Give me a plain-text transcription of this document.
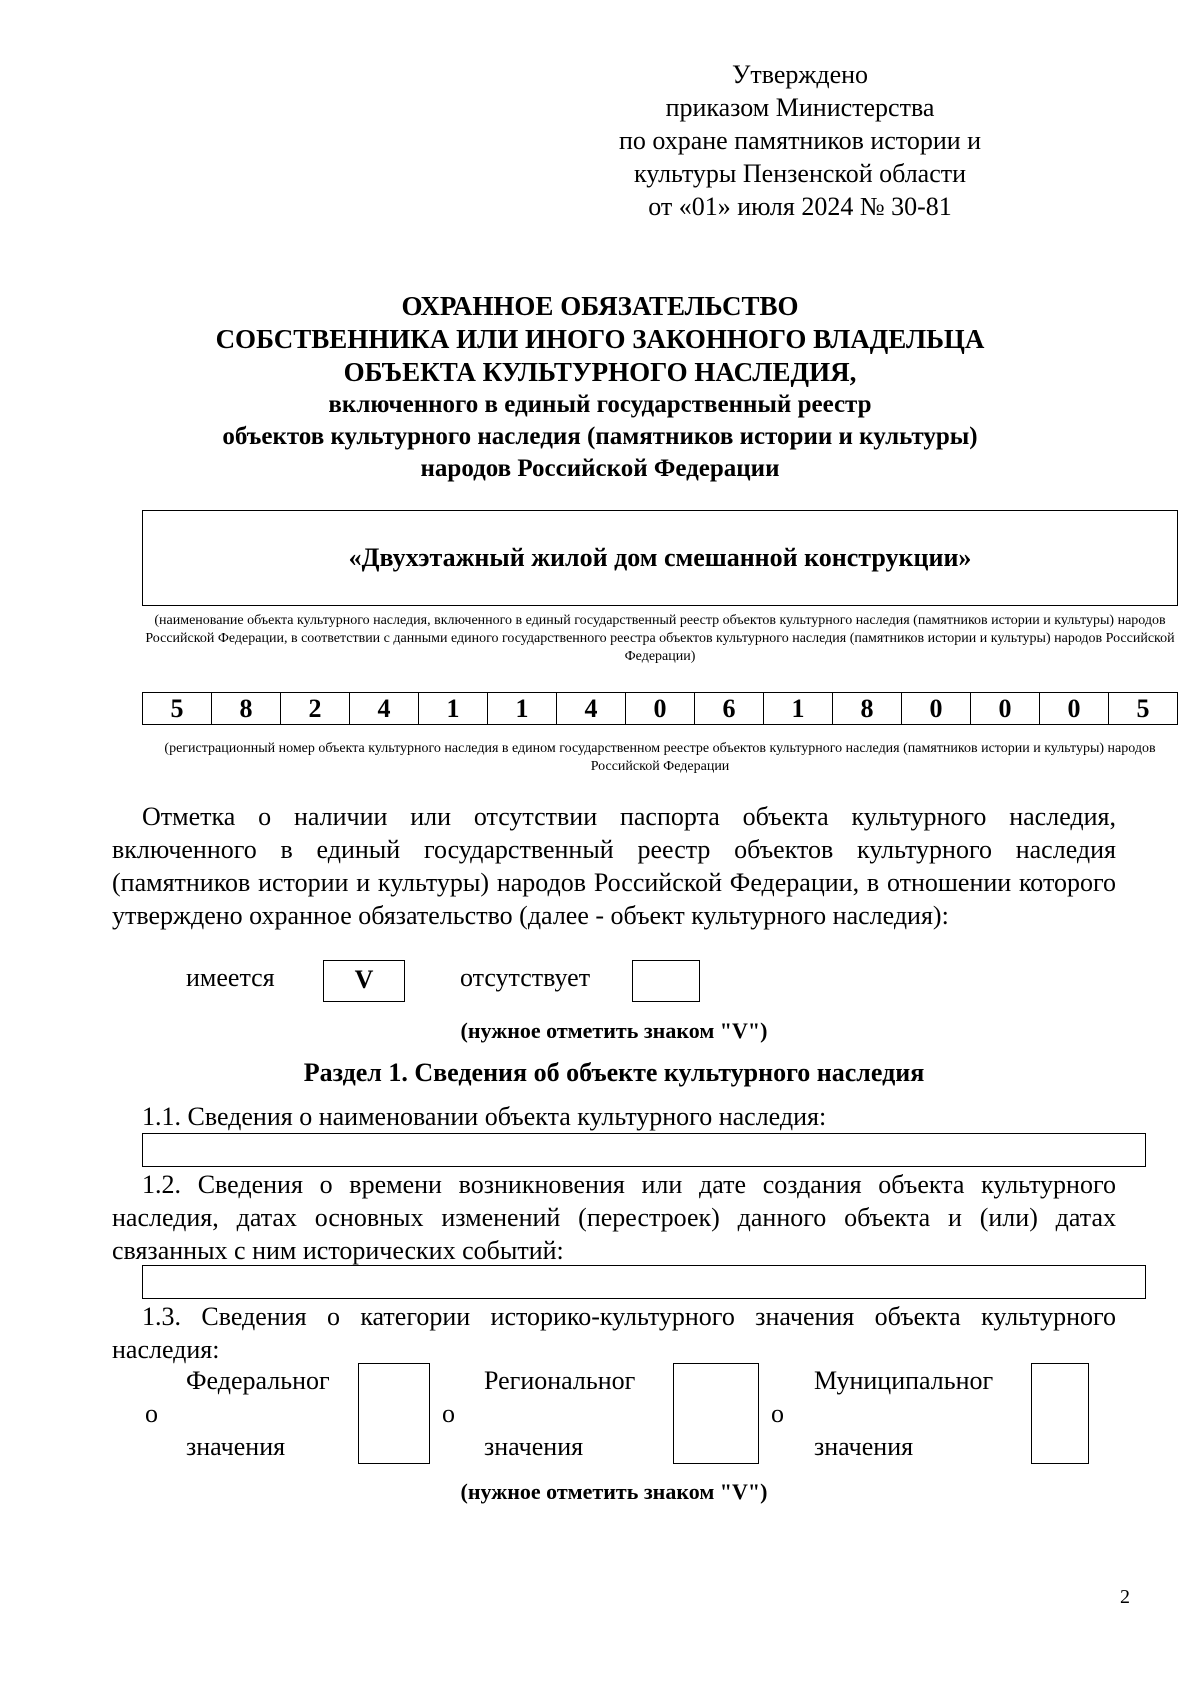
Утверждено
приказом Министерства
по охране памятников истории и
культуры Пензенской области
от «01» июля 2024 № 30-81
ОХРАННОЕ ОБЯЗАТЕЛЬСТВО
СОБСТВЕННИКА ИЛИ ИНОГО ЗАКОННОГО ВЛАДЕЛЬЦА
ОБЪЕКТА КУЛЬТУРНОГО НАСЛЕДИЯ,
включенного в единый государственный реестр
объектов культурного наследия (памятников истории и культуры)
народов Российской Федерации
«Двухэтажный жилой дом смешанной конструкции»
(наименование объекта культурного наследия, включенного в единый государственный реестр объектов культурного наследия (памятников истории и культуры) народов Российской Федерации, в соответствии с данными единого государственного реестра объектов культурного наследия (памятников истории и культуры) народов Российской Федерации)
5	8	2	4	1	1	4	0	6	1	8	0	0	0	5
(регистрационный номер объекта культурного наследия в едином государственном реестре объектов культурного наследия (памятников истории и культуры) народов Российской Федерации
Отметка о наличии или отсутствии паспорта объекта культурного наследия, включенного в единый государственный реестр объектов культурного наследия (памятников истории и культуры) народов Российской Федерации, в отношении которого утверждено охранное обязательство (далее - объект культурного наследия):
имеется	V	отсутствует
(нужное отметить знаком "V")
Раздел 1. Сведения об объекте культурного наследия
1.1. Сведения о наименовании объекта культурного наследия:
1.2. Сведения о времени возникновения или дате создания объекта культурного наследия, датах основных изменений (перестроек) данного объекта и (или) датах связанных с ним исторических событий:
1.3. Сведения о категории историко-культурного значения объекта культурного наследия:
Федеральног
о
значения
Региональног
о
значения
Муниципальног
о
значения
(нужное отметить знаком "V")
2
